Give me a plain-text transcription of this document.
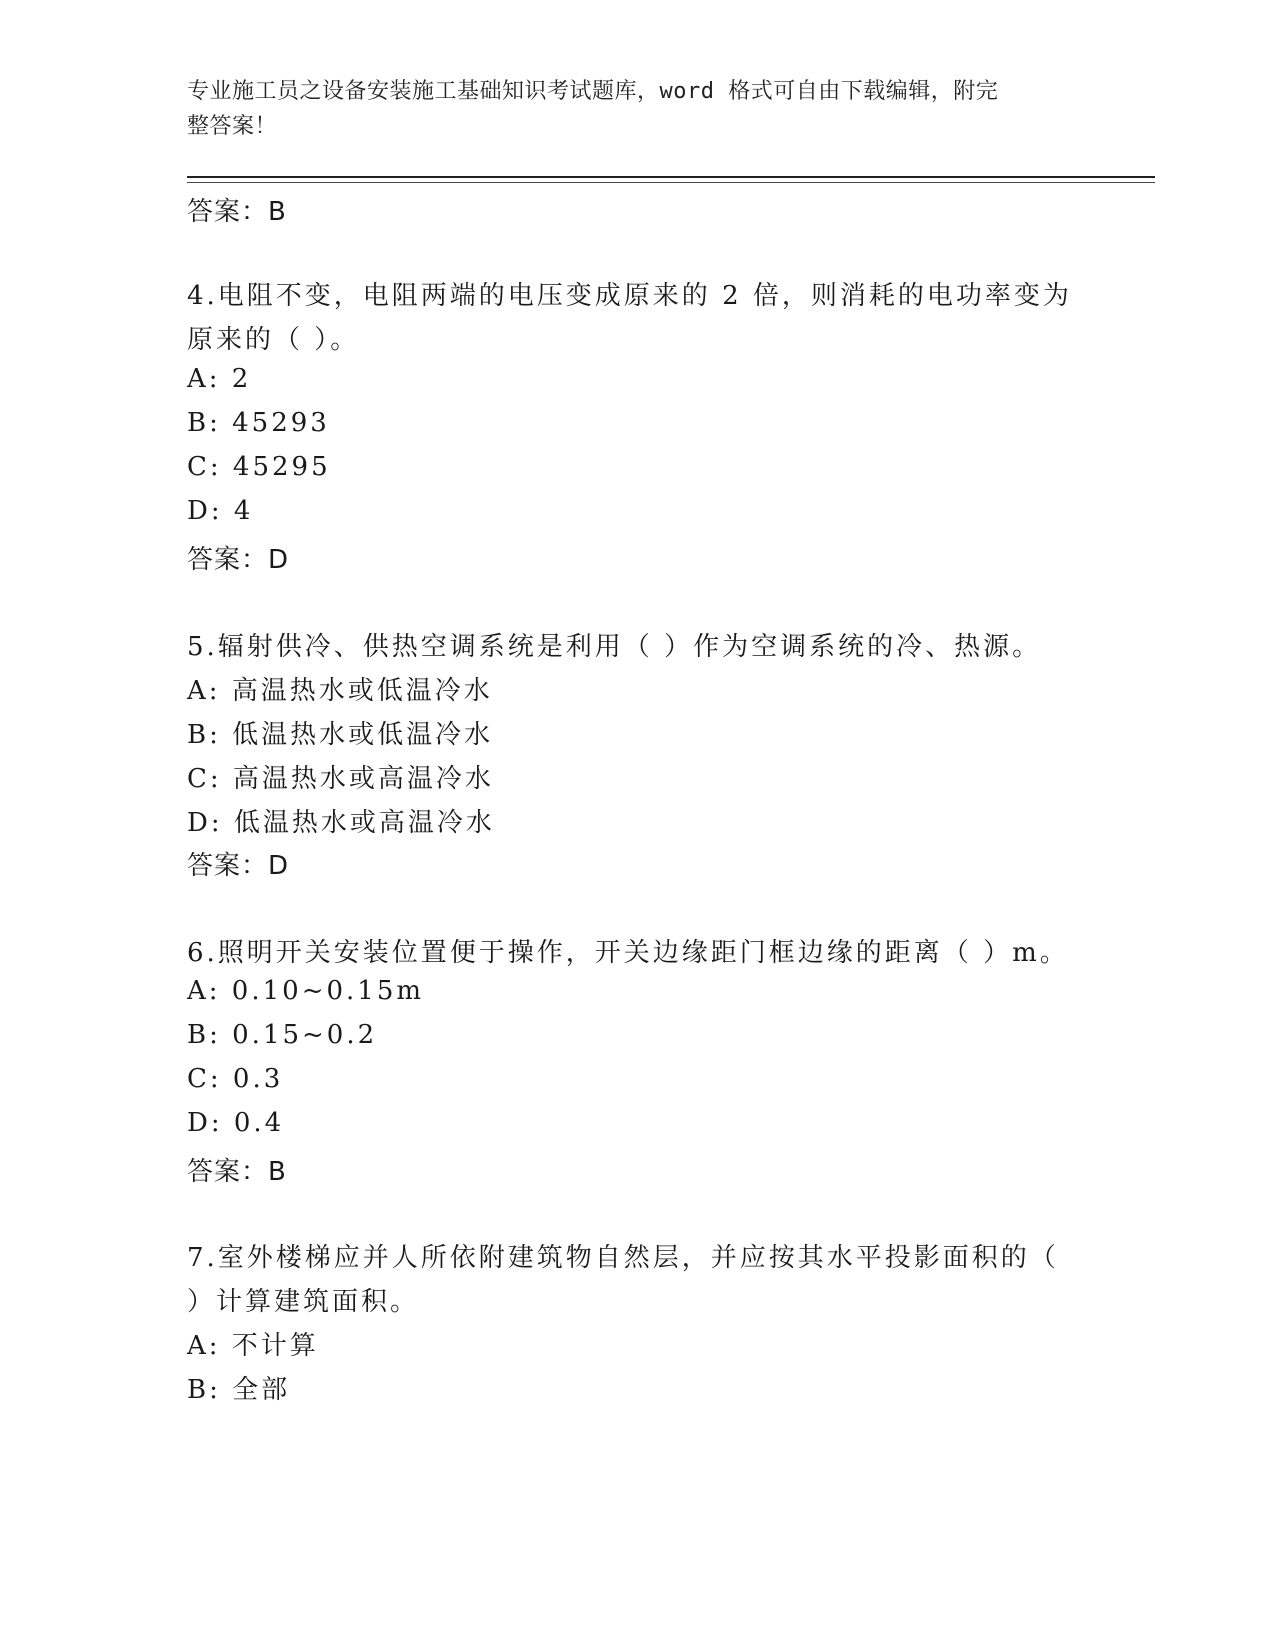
专业施工员之设备安装施工基础知识考试题库，word 格式可自由下载编辑，附完
整答案！
答案：B
4.电阻不变，电阻两端的电压变成原来的 2 倍，则消耗的电功率变为
原来的（ ）。
A: 2
B: 45293
C: 45295
D: 4
答案：D
5.辐射供冷、供热空调系统是利用（ ）作为空调系统的冷、热源。
A: 高温热水或低温冷水
B: 低温热水或低温冷水
C: 高温热水或高温冷水
D: 低温热水或高温冷水
答案：D
6.照明开关安装位置便于操作，开关边缘距门框边缘的距离（ ）m。
A: 0.10~0.15m
B: 0.15~0.2
C: 0.3
D: 0.4
答案：B
7.室外楼梯应并人所依附建筑物自然层，并应按其水平投影面积的（
）计算建筑面积。
A: 不计算
B: 全部
